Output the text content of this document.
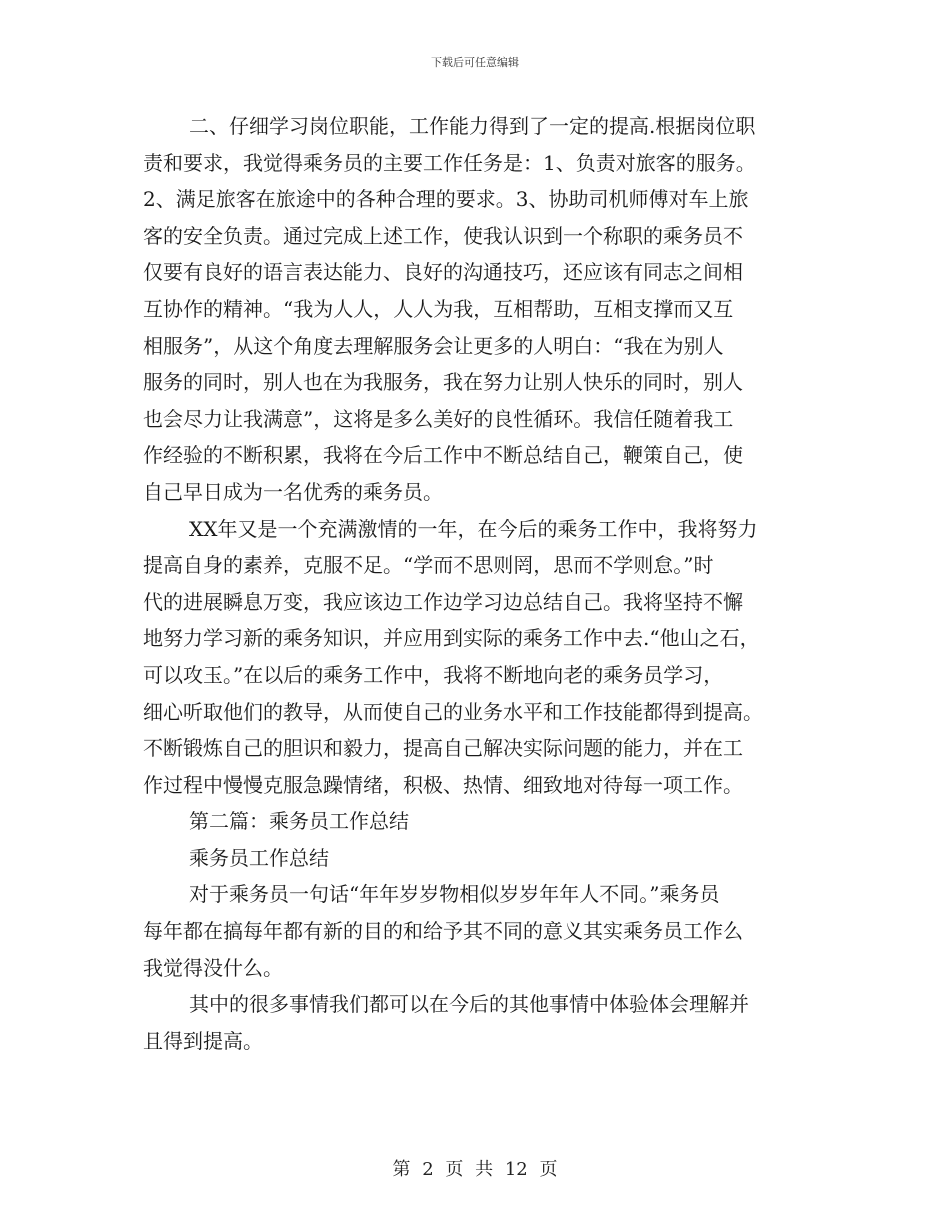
下载后可任意编辑
二、仔细学习岗位职能，工作能力得到了一定的提高.根据岗位职
责和要求，我觉得乘务员的主要工作任务是：1、负责对旅客的服务。
2、满足旅客在旅途中的各种合理的要求。3、协助司机师傅对车上旅
客的安全负责。通过完成上述工作，使我认识到一个称职的乘务员不
仅要有良好的语言表达能力、良好的沟通技巧，还应该有同志之间相
互协作的精神。“我为人人，人人为我，互相帮助，互相支撑而又互
相服务”，从这个角度去理解服务会让更多的人明白：“我在为别人
服务的同时，别人也在为我服务，我在努力让别人快乐的同时，别人
也会尽力让我满意”，这将是多么美好的良性循环。我信任随着我工
作经验的不断积累，我将在今后工作中不断总结自己，鞭策自己，使
自己早日成为一名优秀的乘务员。
XX年又是一个充满激情的一年，在今后的乘务工作中，我将努力
提高自身的素养，克服不足。“学而不思则罔，思而不学则怠。”时
代的进展瞬息万变，我应该边工作边学习边总结自己。我将坚持不懈
地努力学习新的乘务知识，并应用到实际的乘务工作中去.“他山之石，
可以攻玉。”在以后的乘务工作中，我将不断地向老的乘务员学习，
细心听取他们的教导，从而使自己的业务水平和工作技能都得到提高。
不断锻炼自己的胆识和毅力，提高自己解决实际问题的能力，并在工
作过程中慢慢克服急躁情绪，积极、热情、细致地对待每一项工作。
第二篇：乘务员工作总结
乘务员工作总结
对于乘务员一句话“年年岁岁物相似岁岁年年人不同。”乘务员
每年都在搞每年都有新的目的和给予其不同的意义其实乘务员工作么
我觉得没什么。
其中的很多事情我们都可以在今后的其他事情中体验体会理解并
且得到提高。
第 2 页 共 12 页
